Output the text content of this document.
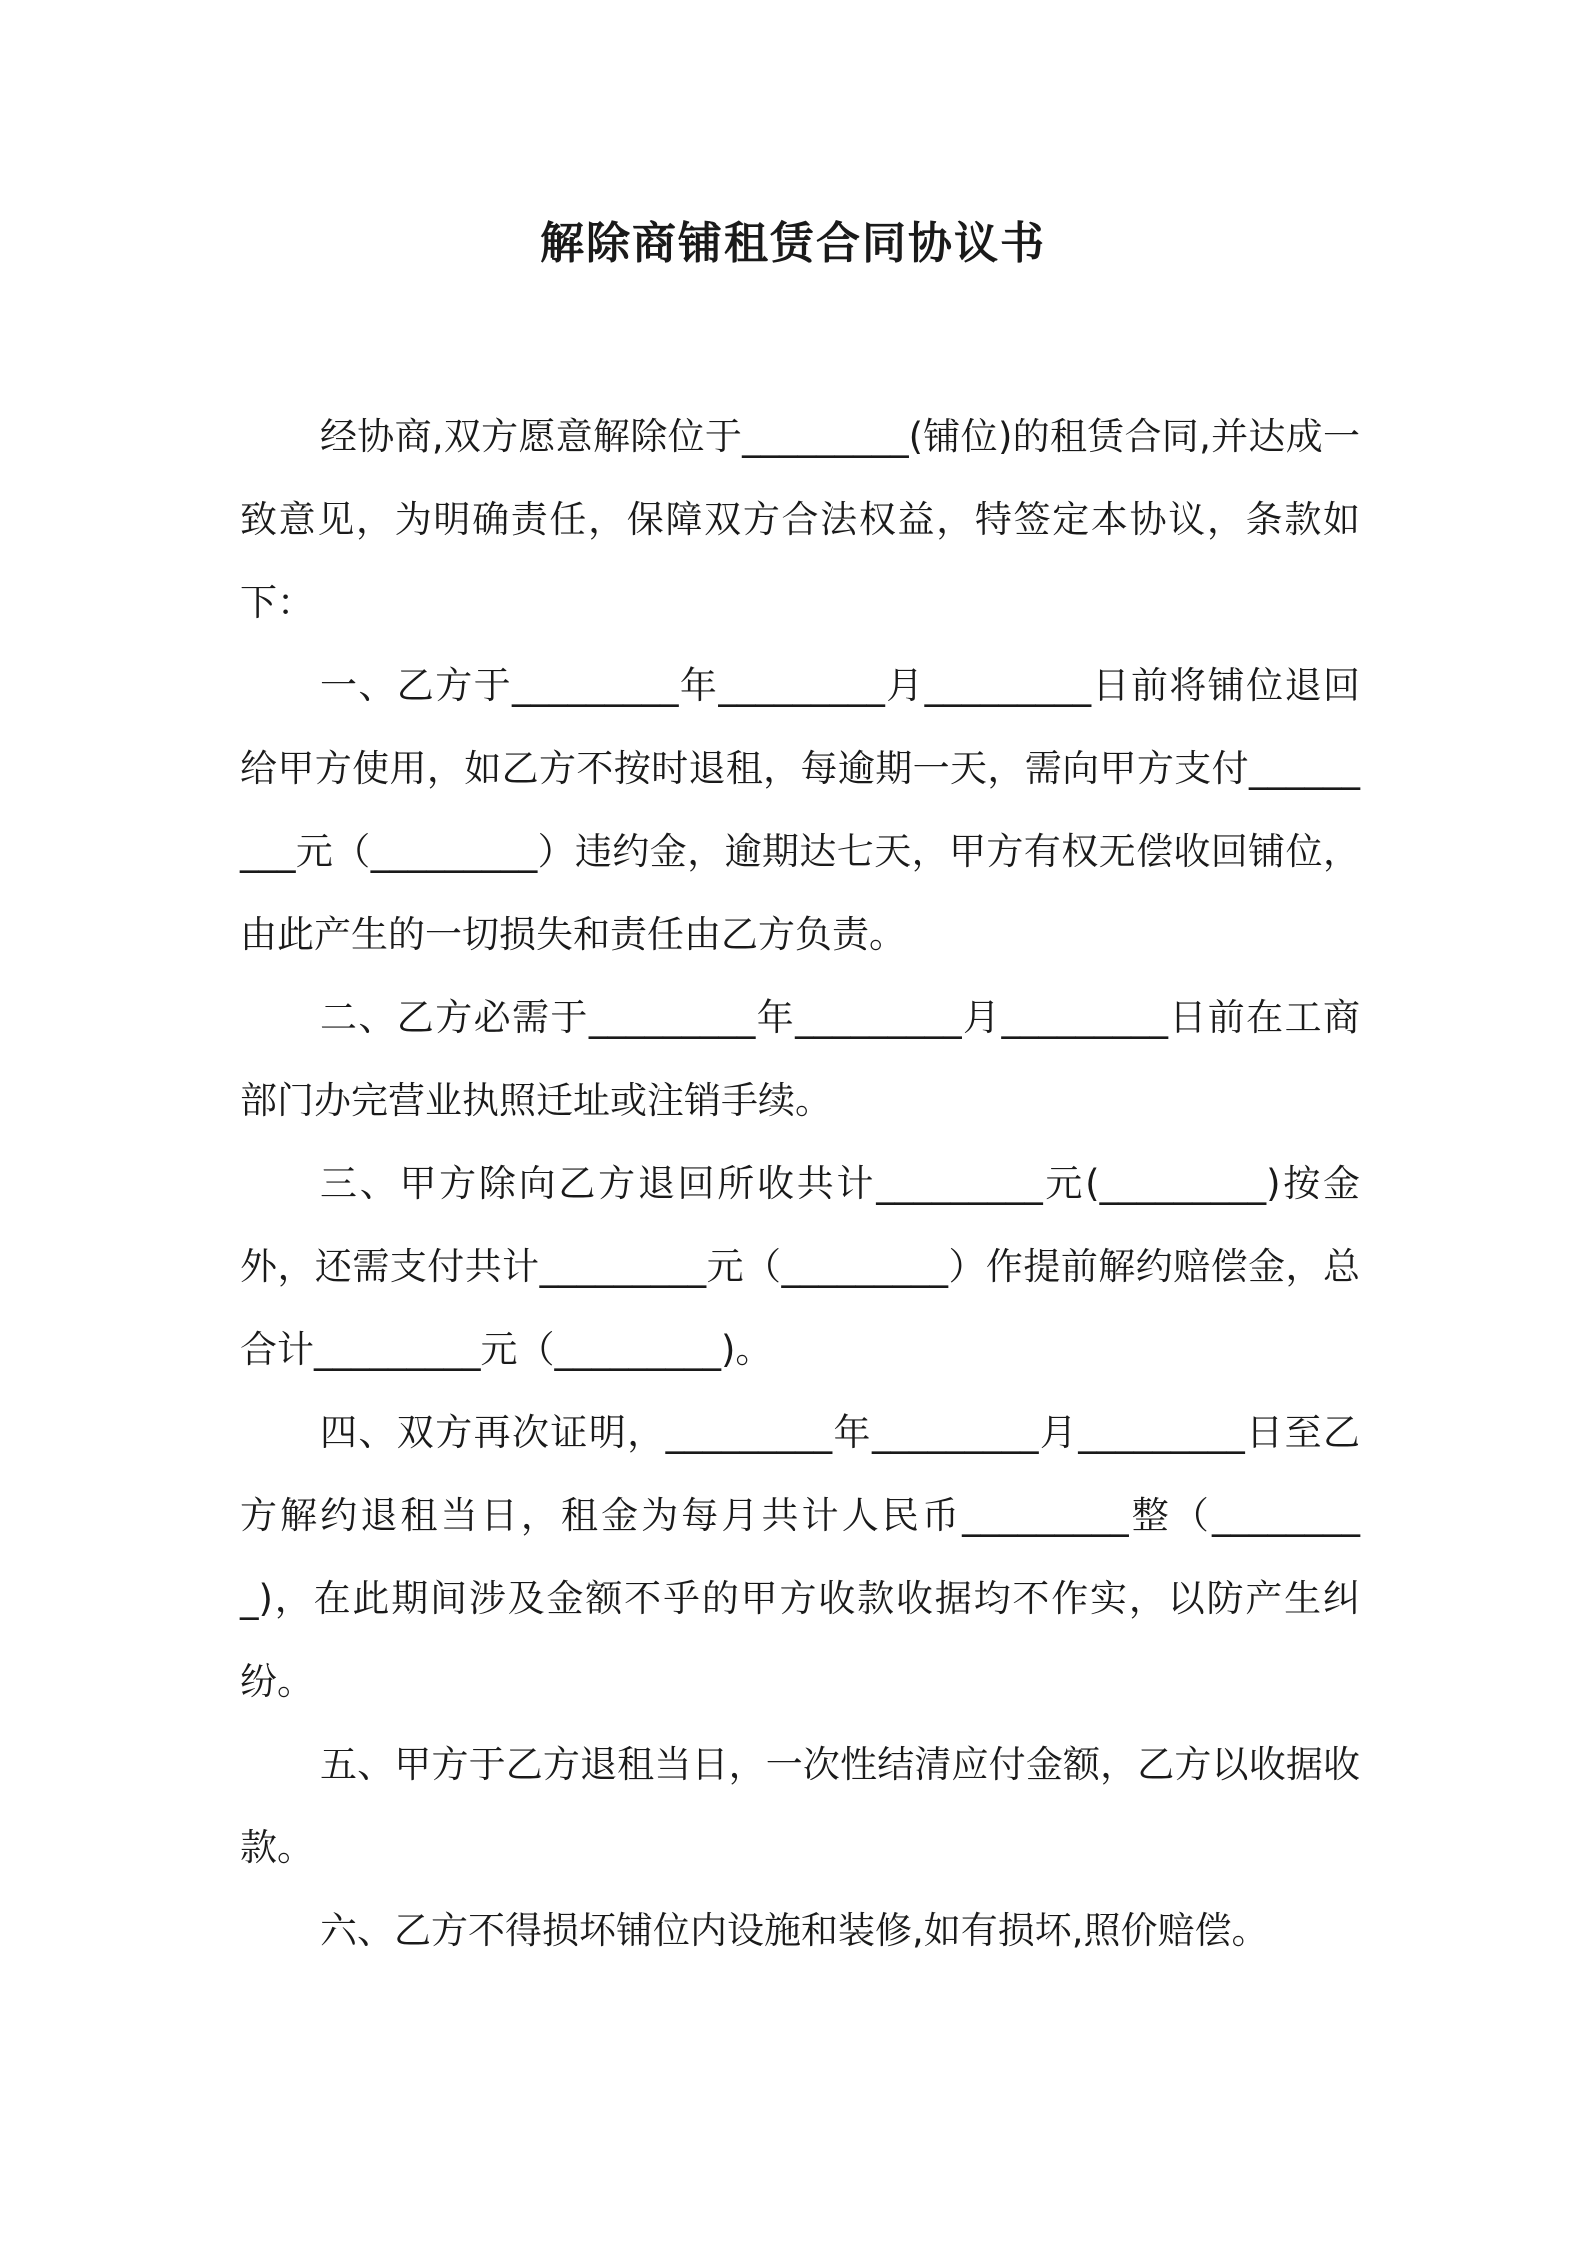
解除商铺租赁合同协议书

经协商,双方愿意解除位于_________(铺位)的租赁合同,并达成一致意见，为明确责任，保障双方合法权益，特签定本协议，条款如下：

一、乙方于_________年_________月_________日前将铺位退回给甲方使用，如乙方不按时退租，每逾期一天，需向甲方支付_________元（_________）违约金，逾期达七天，甲方有权无偿收回铺位，由此产生的一切损失和责任由乙方负责。

二、乙方必需于_________年_________月_________日前在工商部门办完营业执照迁址或注销手续。

三、甲方除向乙方退回所收共计_________元(_________)按金外，还需支付共计_________元（_________）作提前解约赔偿金，总合计_________元（_________)。

四、双方再次证明，_________年_________月_________日至乙方解约退租当日，租金为每月共计人民币_________整（_________)，在此期间涉及金额不乎的甲方收款收据均不作实，以防产生纠纷。

五、甲方于乙方退租当日，一次性结清应付金额，乙方以收据收款。

六、乙方不得损坏铺位内设施和装修,如有损坏,照价赔偿。
